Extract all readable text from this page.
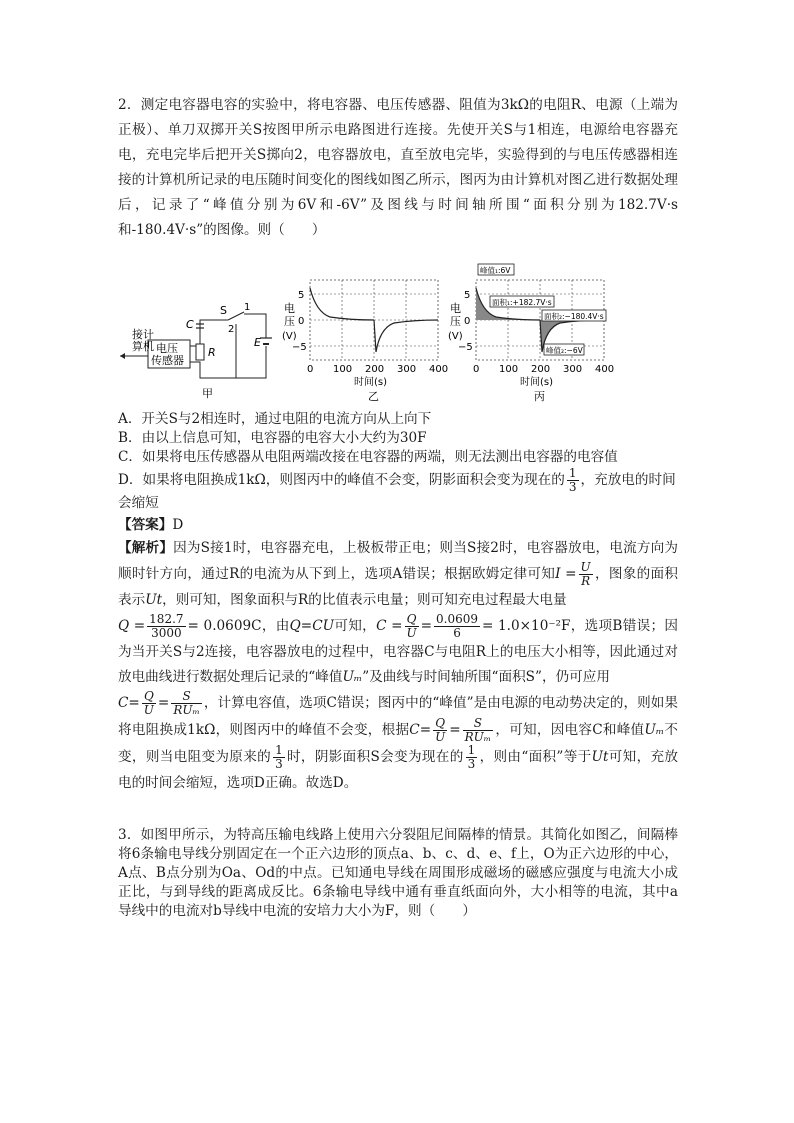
2．测定电容器电容的实验中，将电容器、电压传感器、阻值为3kΩ的电阻R、电源（上端为正极）、单刀双掷开关S按图甲所示电路图进行连接。先使开关S与1相连，电源给电容器充电，充电完毕后把开关S掷向2，电容器放电，直至放电完毕，实验得到的与电压传感器相连接的计算机所记录的电压随时间变化的图线如图乙所示，图丙为由计算机对图乙进行数据处理后，记录了“峰值分别为6V和-6V”及图线与时间轴所围“面积分别为182.7V·s和-180.4V·s”的图像。则（　　）
接计
算机 电压
传感器
R
C
S 1
2
E
甲
电
压
(V)
5
0
−5
0 100 200 300 400
时间(s)
乙
电
压
(V)
峰值₁:6V
面积₁:+182.7V·s
面积₂:−180.4V·s
峰值₂:−6V
5
0
−5
0 100 200 300 400
时间(s)
丙
A．开关S与2相连时，通过电阻的电流方向从上向下
B．由以上信息可知，电容器的电容大小大约为30F
C．如果将电压传感器从电阻两端改接在电容器的两端，则无法测出电容器的电容值
D．如果将电阻换成1kΩ，则图丙中的峰值不会变，阴影面积会变为现在的 $\frac{1}{3}$ ，充放电的时间会缩短
【答案】D
【解析】因为S接1时，电容器充电，上极板带正电；则当S接2时，电容器放电，电流方向为顺时针方向，通过R的电流为从下到上，选项A错误；根据欧姆定律可知$I = \frac{U}{R}$ ，图象的面积表示Ut，则可知，图象面积与R的比值表示电量；则可知充电过程最大电量
$Q = \frac{182.7}{3000} = 0.0609C$，由Q=CU可知，$C = \frac{Q}{U} = \frac{0.0609}{6} = 1.0\times 10^{-2}F$，选项B错误；因为当开关S与2连接，电容器放电的过程中，电容器C与电阻R上的电压大小相等，因此通过对放电曲线进行数据处理后记录的“峰值Uₘ”及曲线与时间轴所围“面积S”，仍可应用
$C= \frac{Q}{U} = \frac{S}{\text{RUₘ}}$ ，计算电容值，选项C错误；图丙中的“峰值”是由电源的电动势决定的，则如果将电阻换成1kΩ，则图丙中的峰值不会变，根据$C= \frac{Q}{U} = \frac{S}{\text{RUₘ}}$ ，可知，因电容C和峰值Uₘ不变，则当电阻变为原来的 $\frac{1}{3}$ 时，阴影面积S会变为现在的 $\frac{1}{3}$ ，则由“面积”等于Ut可知，充放电的时间会缩短，选项D正确。故选D。
3．如图甲所示，为特高压输电线路上使用六分裂阻尼间隔棒的情景。其简化如图乙，间隔棒将6条输电导线分别固定在一个正六边形的顶点a、b、c、d、e、f上，O为正六边形的中心，A点、B点分别为Oa、Od的中点。已知通电导线在周围形成磁场的磁感应强度与电流大小成正比，与到导线的距离成反比。6条输电导线中通有垂直纸面向外，大小相等的电流，其中a导线中的电流对b导线中电流的安培力大小为F，则（　　）
